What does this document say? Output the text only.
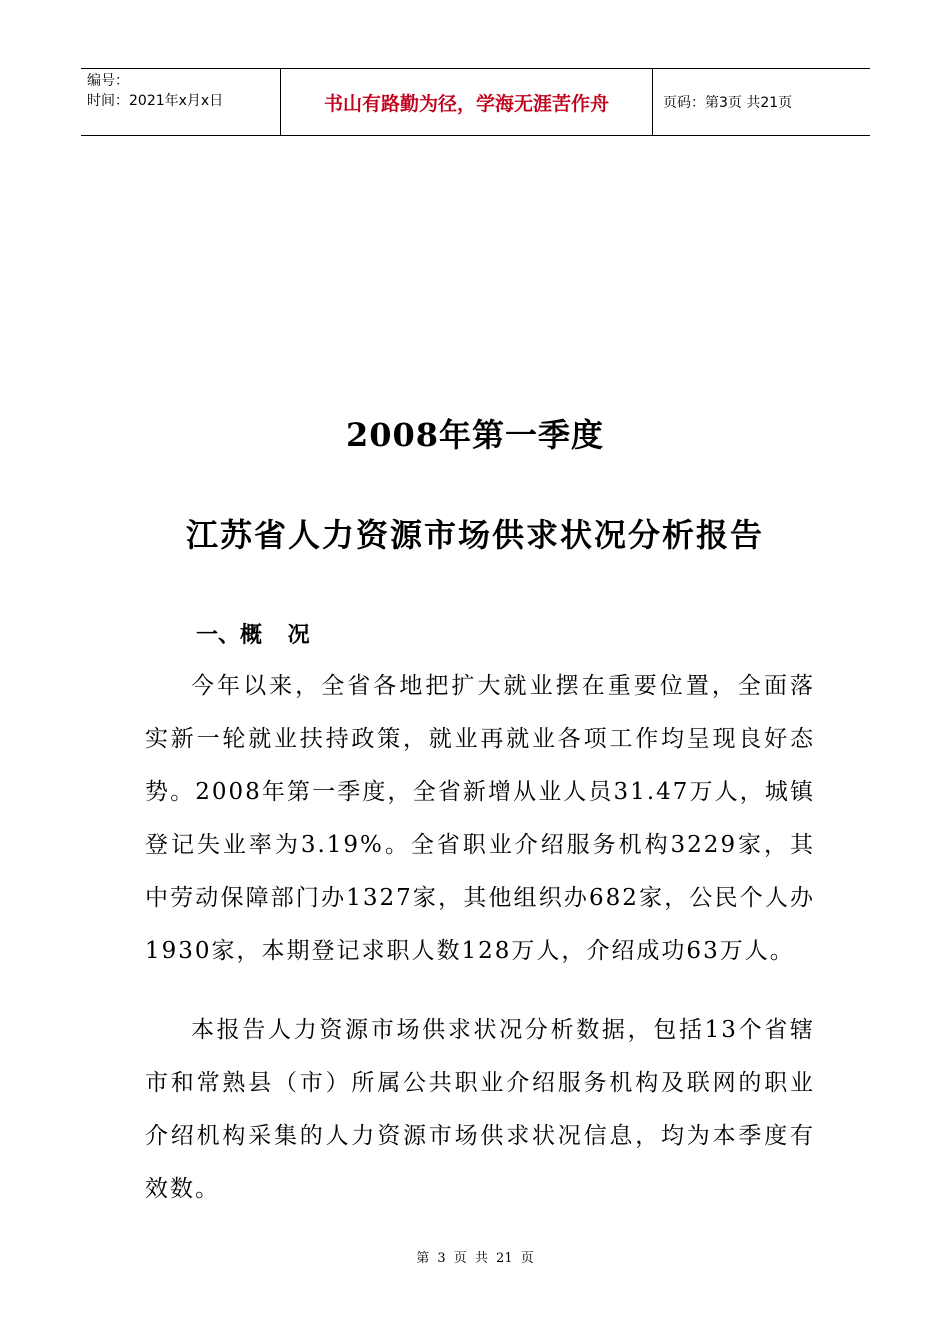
编号：
时间：2021年x月x日	书山有路勤为径，学海无涯苦作舟	页码：第3页 共21页
2008年第一季度
江苏省人力资源市场供求状况分析报告
一、概 况

今年以来，全省各地把扩大就业摆在重要位置，全面落实新一轮就业扶持政策，就业再就业各项工作均呈现良好态势。2008年第一季度，全省新增从业人员31.47万人，城镇登记失业率为3.19%。全省职业介绍服务机构3229家，其中劳动保障部门办1327家，其他组织办682家，公民个人办1930家，本期登记求职人数128万人，介绍成功63万人。

本报告人力资源市场供求状况分析数据，包括13个省辖市和常熟县（市）所属公共职业介绍服务机构及联网的职业介绍机构采集的人力资源市场供求状况信息，均为本季度有效数。

第 3 页 共 21 页
